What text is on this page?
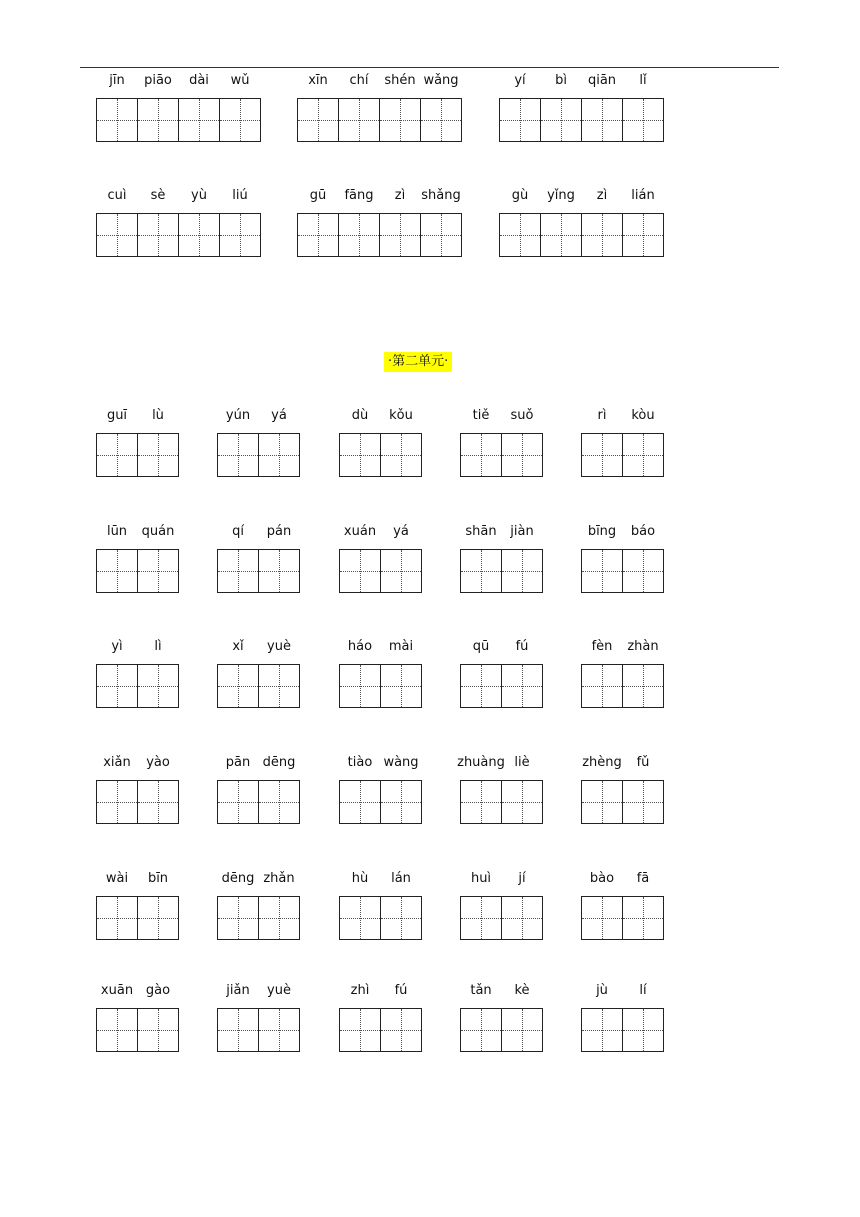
jīn piāo dài wǔ	xīn chí shén wǎng	yí bì qiān lǐ
cuì sè yù liú	gū fāng zì shǎng	gù yǐng zì lián
·第二单元·
guī lù	yún yá	dù kǒu	tiě suǒ	rì kòu
lūn quán	qí pán	xuán yá	shān jiàn	bīng báo
yì lì	xǐ yuè	háo mài	qū fú	fèn zhàn
xiǎn yào	pān dēng	tiào wàng	zhuàng liè	zhèng fǔ
wài bīn	dēng zhǎn	hù lán	huì jí	bào fā
xuān gào	jiǎn yuè	zhì fú	tǎn kè	jù lí
